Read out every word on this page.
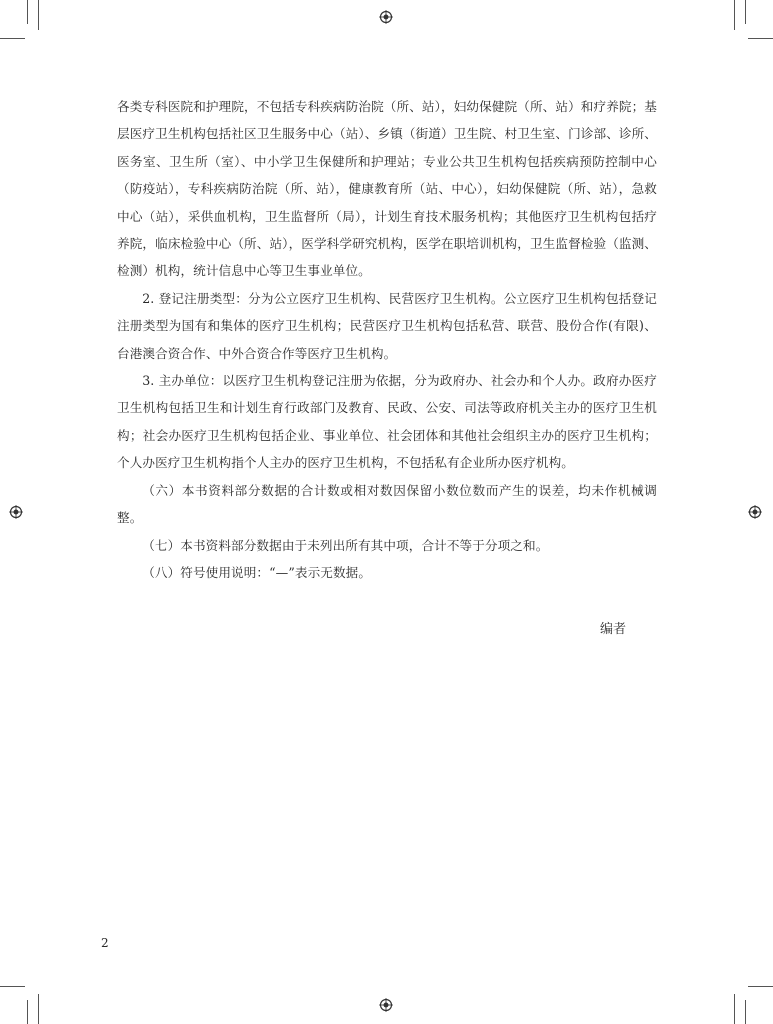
各类专科医院和护理院，不包括专科疾病防治院（所、站），妇幼保健院（所、站）和疗养院；基层医疗卫生机构包括社区卫生服务中心（站）、乡镇（街道）卫生院、村卫生室、门诊部、诊所、医务室、卫生所（室）、中小学卫生保健所和护理站；专业公共卫生机构包括疾病预防控制中心（防疫站），专科疾病防治院（所、站），健康教育所（站、中心），妇幼保健院（所、站），急救中心（站），采供血机构，卫生监督所（局），计划生育技术服务机构；其他医疗卫生机构包括疗养院，临床检验中心（所、站），医学科学研究机构，医学在职培训机构，卫生监督检验（监测、检测）机构，统计信息中心等卫生事业单位。

2. 登记注册类型：分为公立医疗卫生机构、民营医疗卫生机构。公立医疗卫生机构包括登记注册类型为国有和集体的医疗卫生机构；民营医疗卫生机构包括私营、联营、股份合作(有限)、台港澳合资合作、中外合资合作等医疗卫生机构。

3. 主办单位：以医疗卫生机构登记注册为依据，分为政府办、社会办和个人办。政府办医疗卫生机构包括卫生和计划生育行政部门及教育、民政、公安、司法等政府机关主办的医疗卫生机构；社会办医疗卫生机构包括企业、事业单位、社会团体和其他社会组织主办的医疗卫生机构；个人办医疗卫生机构指个人主办的医疗卫生机构，不包括私有企业所办医疗机构。

（六）本书资料部分数据的合计数或相对数因保留小数位数而产生的误差，均未作机械调整。

（七）本书资料部分数据由于未列出所有其中项，合计不等于分项之和。

（八）符号使用说明：“—”表示无数据。

编者
2
